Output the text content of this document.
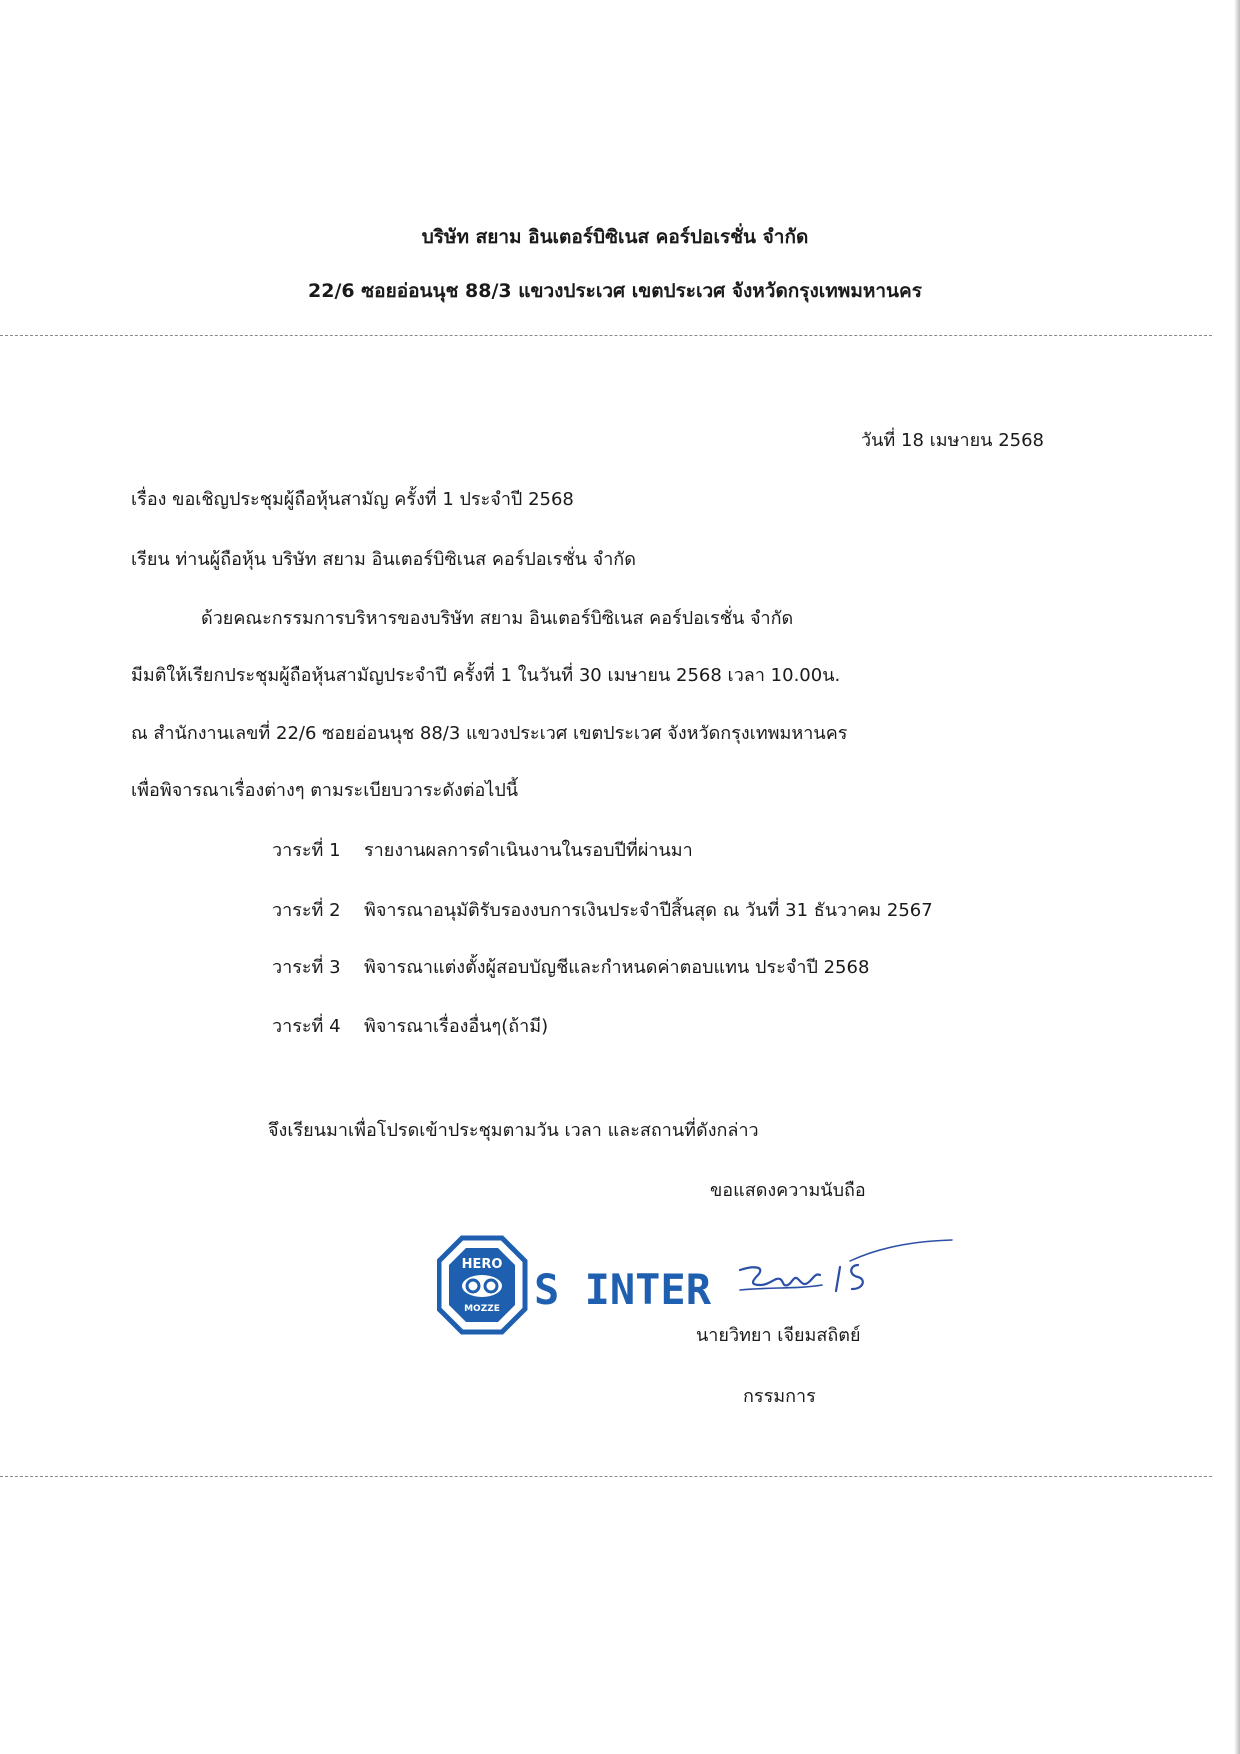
บริษัท สยาม อินเตอร์บิซิเนส คอร์ปอเรชั่น จำกัด
22/6 ซอยอ่อนนุช 88/3 แขวงประเวศ เขตประเวศ จังหวัดกรุงเทพมหานคร
วันที่ 18 เมษายน 2568
เรื่อง ขอเชิญประชุมผู้ถือหุ้นสามัญ ครั้งที่ 1 ประจำปี 2568
เรียน ท่านผู้ถือหุ้น บริษัท สยาม อินเตอร์บิซิเนส คอร์ปอเรชั่น จำกัด
ด้วยคณะกรรมการบริหารของบริษัท สยาม อินเตอร์บิซิเนส คอร์ปอเรชั่น จำกัด
มีมติให้เรียกประชุมผู้ถือหุ้นสามัญประจำปี ครั้งที่ 1 ในวันที่ 30 เมษายน 2568 เวลา 10.00น.
ณ สำนักงานเลขที่ 22/6 ซอยอ่อนนุช 88/3 แขวงประเวศ เขตประเวศ จังหวัดกรุงเทพมหานคร
เพื่อพิจารณาเรื่องต่างๆ ตามระเบียบวาระดังต่อไปนี้
วาระที่ 1 รายงานผลการดำเนินงานในรอบปีที่ผ่านมา
วาระที่ 2 พิจารณาอนุมัติรับรองงบการเงินประจำปีสิ้นสุด ณ วันที่ 31 ธันวาคม 2567
วาระที่ 3 พิจารณาแต่งตั้งผู้สอบบัญชีและกำหนดค่าตอบแทน ประจำปี 2568
วาระที่ 4 พิจารณาเรื่องอื่นๆ(ถ้ามี)
จึงเรียนมาเพื่อโปรดเข้าประชุมตามวัน เวลา และสถานที่ดังกล่าว
ขอแสดงความนับถือ
HERO
MOZZE S INTER
นายวิทยา เจียมสถิตย์
กรรมการ
